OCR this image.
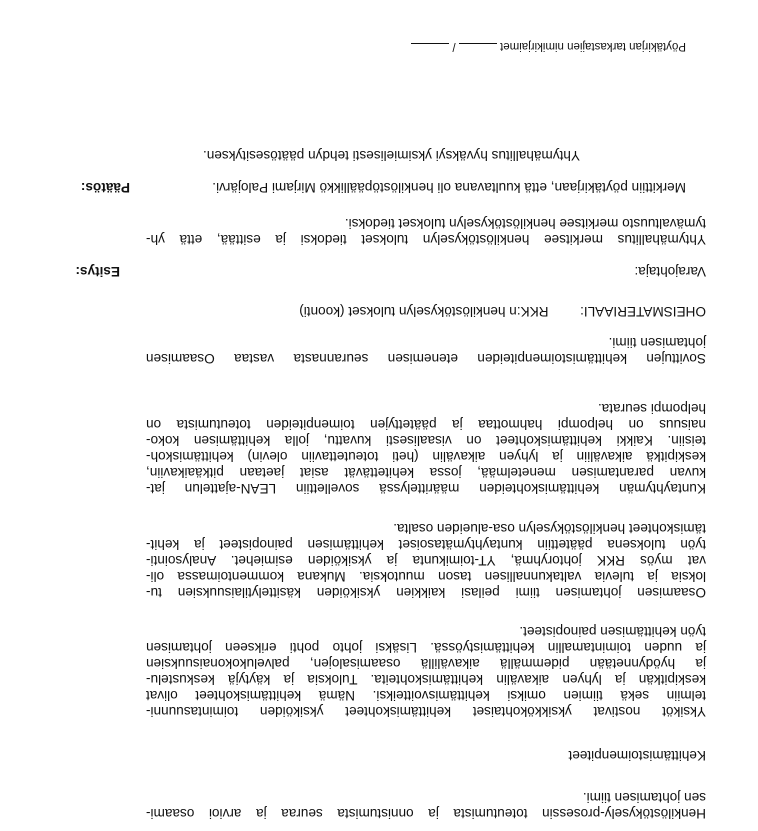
Henkilöstökysely-prosessin toteutumista ja onnistumista seuraa ja arvioi osaami-
sen johtamisen tiimi.
Kehittämistoimenpiteet
Yksiköt nostivat yksikkökohtaiset kehittämiskohteet yksiköiden toimintasuunni-
telmiin sekä tiimien omiksi kehittämisvoitteiksi. Nämä kehittämiskohteet olivat
keskipitkän ja lyhyen aikavälin kehittämiskohteita. Tuloksia ja käytyjä keskustelu-
ja hyödynnetään pidemmällä aikavälillä osaamisalojen, palvelukokonaisuuksien
ja uuden toimintamallin kehittämistyössä. Lisäksi johto pohti erikseen johtamisen
työn kehittämisen painopisteet.
Osaamisen johtamisen tiimi peilasi kaikkien yksiköiden käsittelytilaisuuksien tu-
loksia ja tulevia valtakunnallisen tason muutoksia. Mukana kommentoimassa oli-
vat myös RKK johtoryhmä, YT-toimikunta ja yksiköiden esimiehet. Analysointi-
työn tuloksena päätettiin kuntayhtymätasoiset kehittämisen painopisteet ja kehit-
tämiskohteet henkilöstökyselyn osa-alueiden osalta.
Kuntayhtymän kehittämiskohteiden määrittelyssä sovellettiin LEAN-ajattelun jat-
kuvan parantamisen menetelmää, jossa kehitettävät asiat jaetaan pitkäaikaviin,
keskipitkä aikaväliin ja lyhyen aikavälin (heti toteutettaviin olevin) kehittämiskoh-
teisiin. Kaikki kehittämiskohteet on visaalisesti kuvattu, jolla kehittämisen koko-
naisuus on helpompi hahmottaa ja päätettyjen toimenpiteiden toteutumista on
helpompi seurata.
Sovittujen kehittämistoimenpiteiden etenemisen seurannasta vastaa Osaamisen
johtamisen tiimi.
OHEISMATERIAALI:  RKK:n henkilöstökyselyn tulokset (koonti)
Esitys:	Varajohtaja:
Yhtymähallitus merkitsee henkilöstökyselyn tulokset tiedoksi ja esittää, että yh-
tymävaltuusto merkitsee henkilöstökyselyn tulokset tiedoksi.
Päätös:	Merkittiin pöytäkirjaan, että kuultavana oli henkilöstöpäällikkö Mirjami Palojärvi.
Yhtymähallitus hyväksyi yksimielisesti tehdyn päätösesityksen.
Pöytäkirjan tarkastajien nimikirjaimet  /
